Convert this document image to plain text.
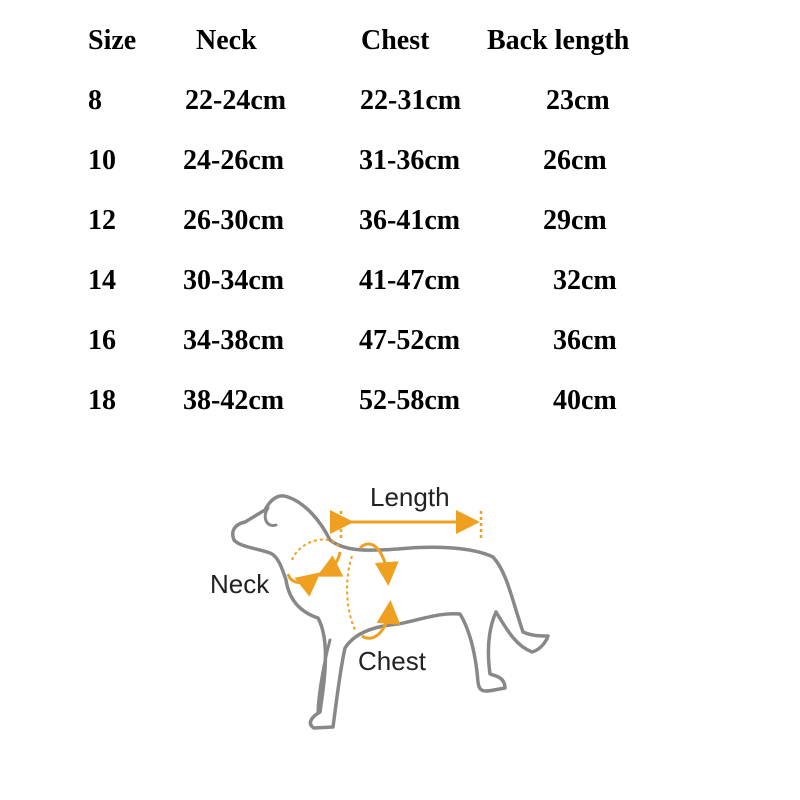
Size Neck	Chest Back length
8	22-24cm	22-31cm	23cm
10 24-26cm	31-36cm	26cm
12 26-30cm	36-41cm	29cm
14 30-34cm	41-47cm	32cm
16 34-38cm	47-52cm	36cm
18 38-42cm	52-58cm	40cm
Length
Neck
Chest
